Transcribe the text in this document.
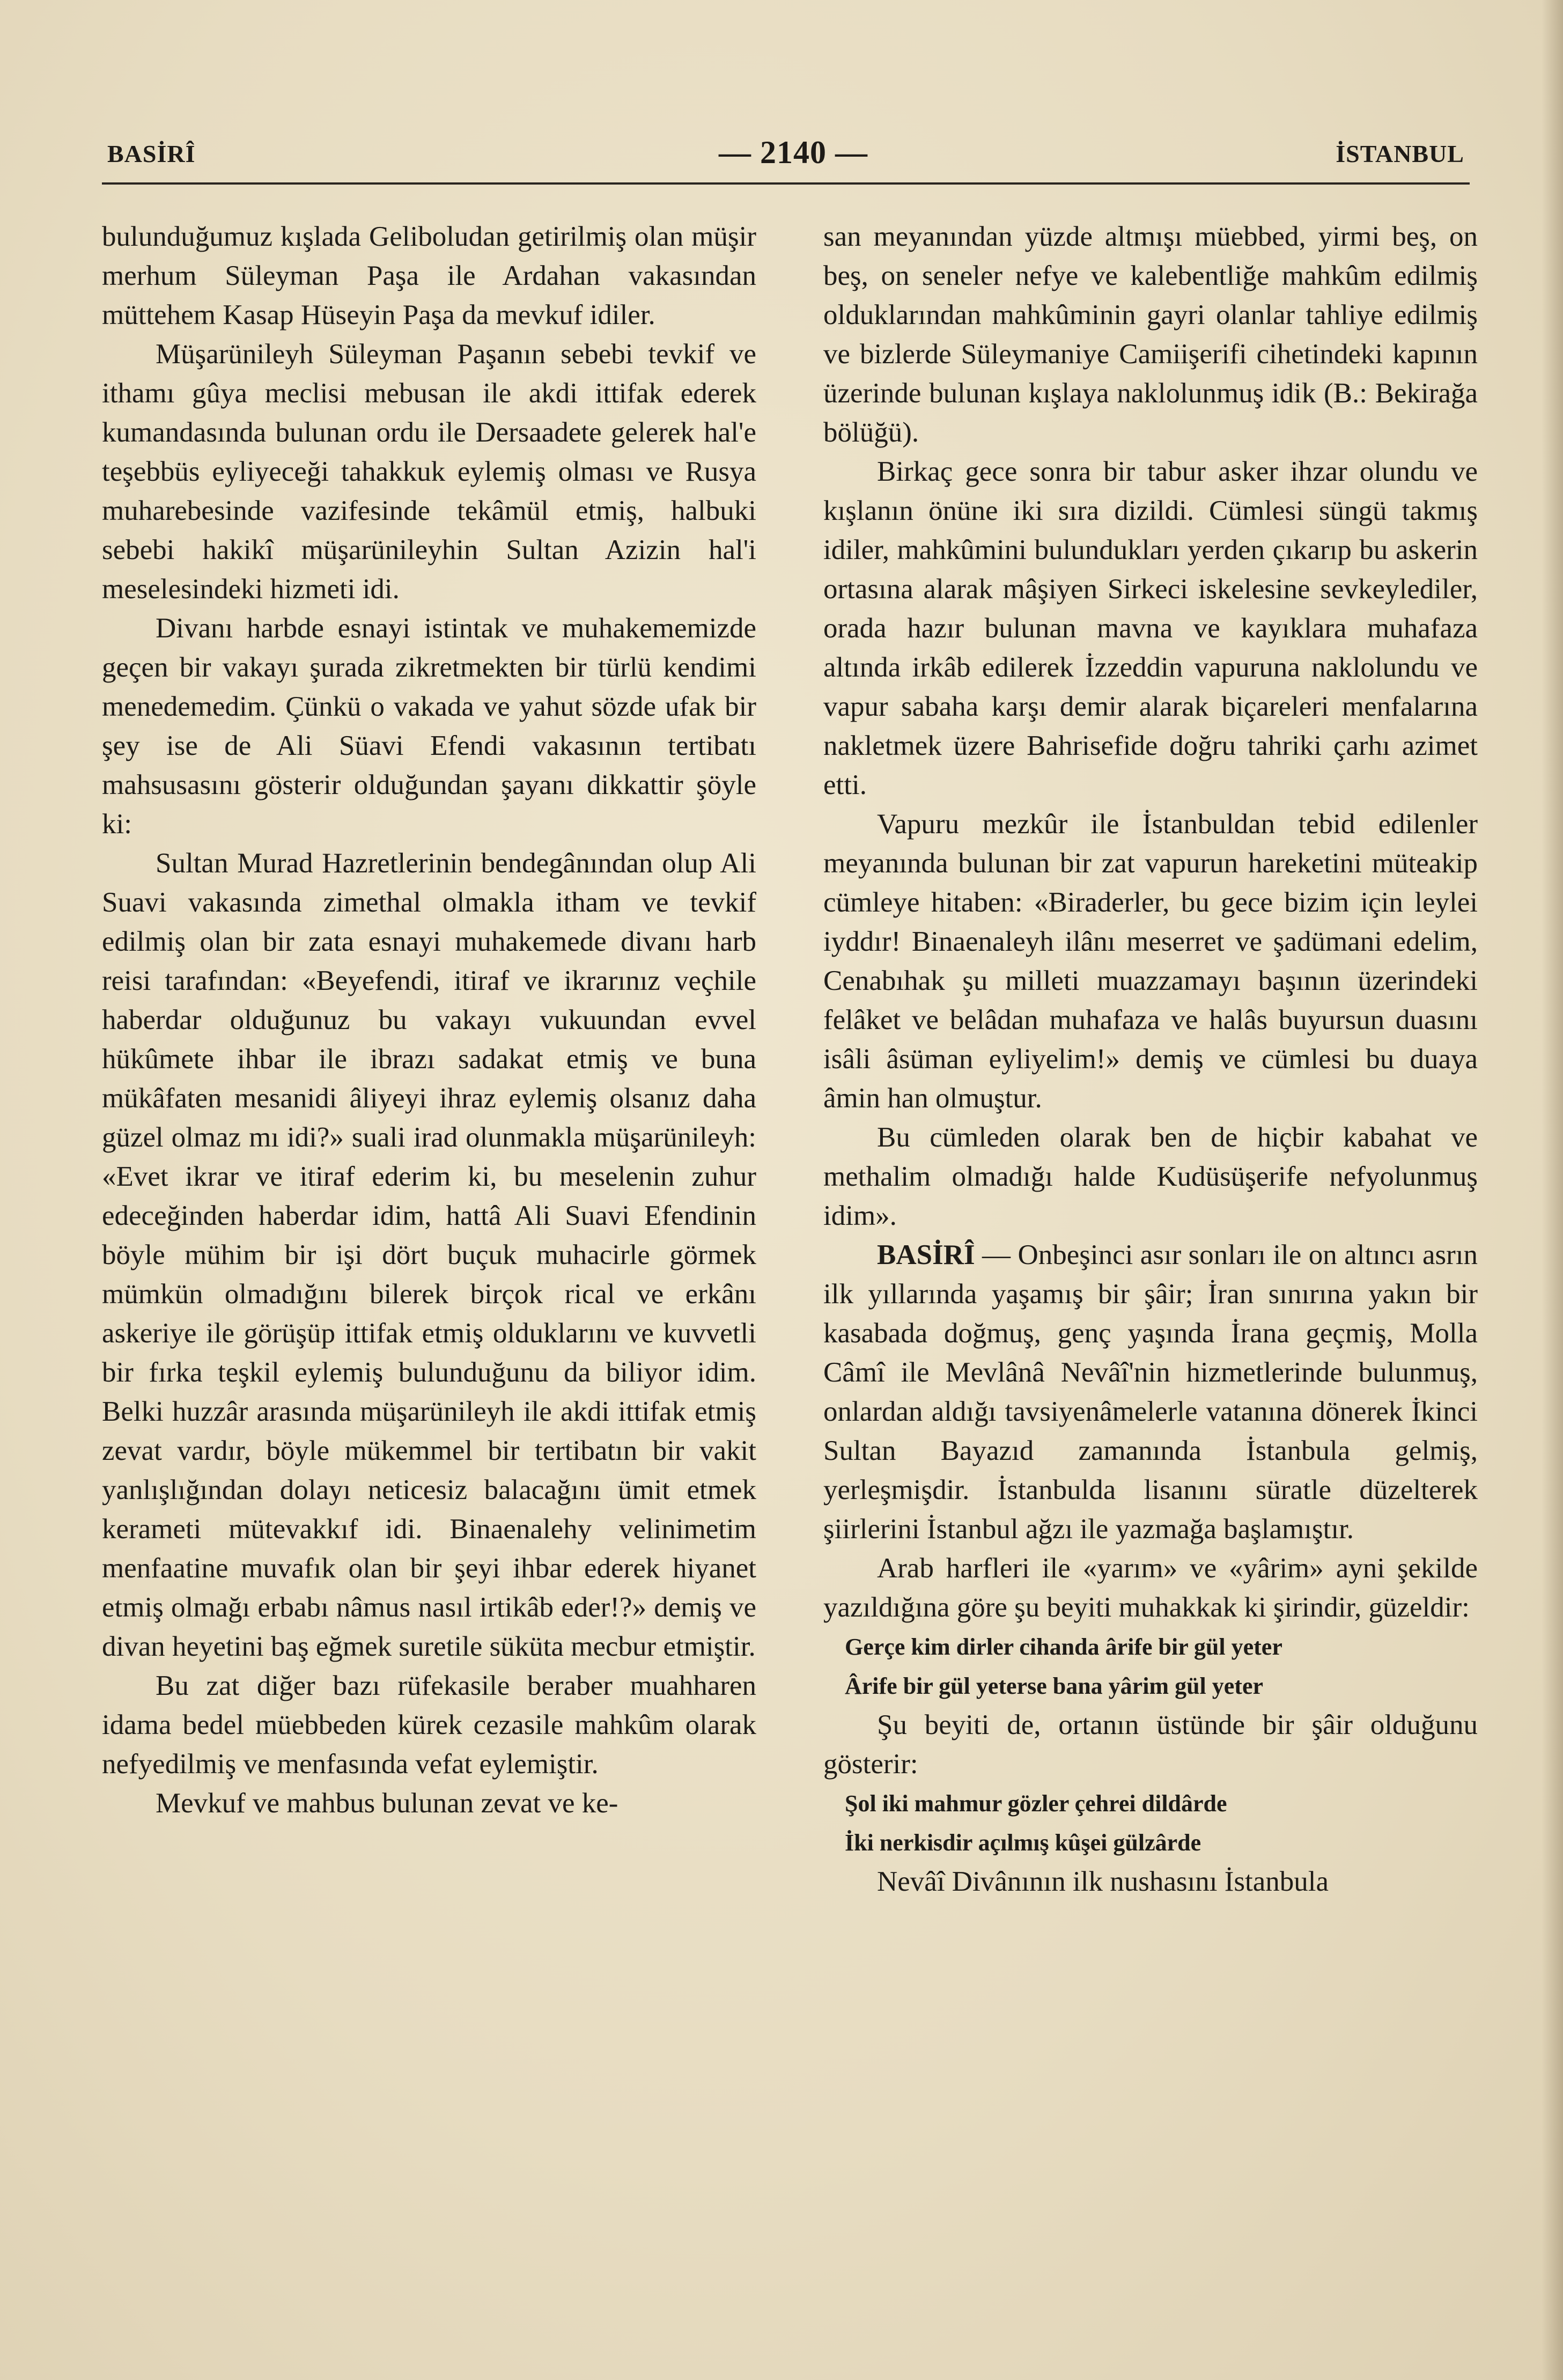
BASİRÎ	— 2140 —	İSTANBUL

bulunduğumuz kışlada Geliboludan getirilmiş olan müşir merhum Süleyman Paşa ile Ardahan vakasından müttehem Kasap Hüseyin Paşa da mevkuf idiler.

Müşarünileyh Süleyman Paşanın sebebi tevkif ve ithamı gûya meclisi mebusan ile akdi ittifak ederek kumandasında bulunan ordu ile Dersaadete gelerek hal'e teşebbüs eyliyeceği tahakkuk eylemiş olması ve Rusya muharebesinde vazifesinde tekâmül etmiş, halbuki sebebi hakikî müşarünileyhin Sultan Azizin hal'i meselesindeki hizmeti idi.

Divanı harbde esnayi istintak ve muhakememizde geçen bir vakayı şurada zikretmekten bir türlü kendimi menedemedim. Çünkü o vakada ve yahut sözde ufak bir şey ise de Ali Süavi Efendi vakasının tertibatı mahsusasını gösterir olduğundan şayanı dikkattir şöyle ki:

Sultan Murad Hazretlerinin bendegânından olup Ali Suavi vakasında zimethal olmakla itham ve tevkif edilmiş olan bir zata esnayi muhakemede divanı harb reisi tarafından: «Beyefendi, itiraf ve ikrarınız veçhile haberdar olduğunuz bu vakayı vukuundan evvel hükûmete ihbar ile ibrazı sadakat etmiş ve buna mükâfaten mesanidi âliyeyi ihraz eylemiş olsanız daha güzel olmaz mı idi?» suali irad olunmakla müşarünileyh: «Evet ikrar ve itiraf ederim ki, bu meselenin zuhur edeceğinden haberdar idim, hattâ Ali Suavi Efendinin böyle mühim bir işi dört buçuk muhacirle görmek mümkün olmadığını bilerek birçok rical ve erkânı askeriye ile görüşüp ittifak etmiş olduklarını ve kuvvetli bir fırka teşkil eylemiş bulunduğunu da biliyor idim. Belki huzzâr arasında müşarünileyh ile akdi ittifak etmiş zevat vardır, böyle mükemmel bir tertibatın bir vakit yanlışlığından dolayı neticesiz balacağını ümit etmek kerameti mütevakkıf idi. Binaenalehy velinimetim menfaatine muvafık olan bir şeyi ihbar ederek hiyanet etmiş olmağı erbabı nâmus nasıl irtikâb eder!?» demiş ve divan heyetini baş eğmek suretile süküta mecbur etmiştir.

Bu zat diğer bazı rüfekasile beraber muahharen idama bedel müebbeden kürek cezasile mahkûm olarak nefyedilmiş ve menfasında vefat eylemiştir.

Mevkuf ve mahbus bulunan zevat ve ke-

san meyanından yüzde altmışı müebbed, yirmi beş, on beş, on seneler nefye ve kalebentliğe mahkûm edilmiş olduklarından mahkûminin gayri olanlar tahliye edilmiş ve bizlerde Süleymaniye Camiişerifi cihetindeki kapının üzerinde bulunan kışlaya naklolunmuş idik (B.: Bekirağa bölüğü).

Birkaç gece sonra bir tabur asker ihzar olundu ve kışlanın önüne iki sıra dizildi. Cümlesi süngü takmış idiler, mahkûmini bulundukları yerden çıkarıp bu askerin ortasına alarak mâşiyen Sirkeci iskelesine sevkeylediler, orada hazır bulunan mavna ve kayıklara muhafaza altında irkâb edilerek İzzeddin vapuruna naklolundu ve vapur sabaha karşı demir alarak biçareleri menfalarına nakletmek üzere Bahrisefide doğru tahriki çarhı azimet etti.

Vapuru mezkûr ile İstanbuldan tebid edilenler meyanında bulunan bir zat vapurun hareketini müteakip cümleye hitaben: «Biraderler, bu gece bizim için leylei iyddır! Binaenaleyh ilânı meserret ve şadümani edelim, Cenabıhak şu milleti muazzamayı başının üzerindeki felâket ve belâdan muhafaza ve halâs buyursun duasını isâli âsüman eyliyelim!» demiş ve cümlesi bu duaya âmin han olmuştur.

Bu cümleden olarak ben de hiçbir kabahat ve methalim olmadığı halde Kudüsüşerife nefyolunmuş idim».

BASİRÎ — Onbeşinci asır sonları ile on altıncı asrın ilk yıllarında yaşamış bir şâir; İran sınırına yakın bir kasabada doğmuş, genç yaşında İrana geçmiş, Molla Câmî ile Mevlânâ Nevâî'nin hizmetlerinde bulunmuş, onlardan aldığı tavsiyenâmelerle vatanına dönerek İkinci Sultan Bayazıd zamanında İstanbula gelmiş, yerleşmişdir. İstanbulda lisanını süratle düzelterek şiirlerini İstanbul ağzı ile yazmağa başlamıştır.

Arab harfleri ile «yarım» ve «yârim» ayni şekilde yazıldığına göre şu beyiti muhakkak ki şirindir, güzeldir:

Gerçe kim dirler cihanda ârife bir gül yeter

Ârife bir gül yeterse bana yârim gül yeter

Şu beyiti de, ortanın üstünde bir şâir olduğunu gösterir:

Şol iki mahmur gözler çehrei dildârde

İki nerkisdir açılmış kûşei gülzârde

Nevâî Divânının ilk nushasını İstanbula
